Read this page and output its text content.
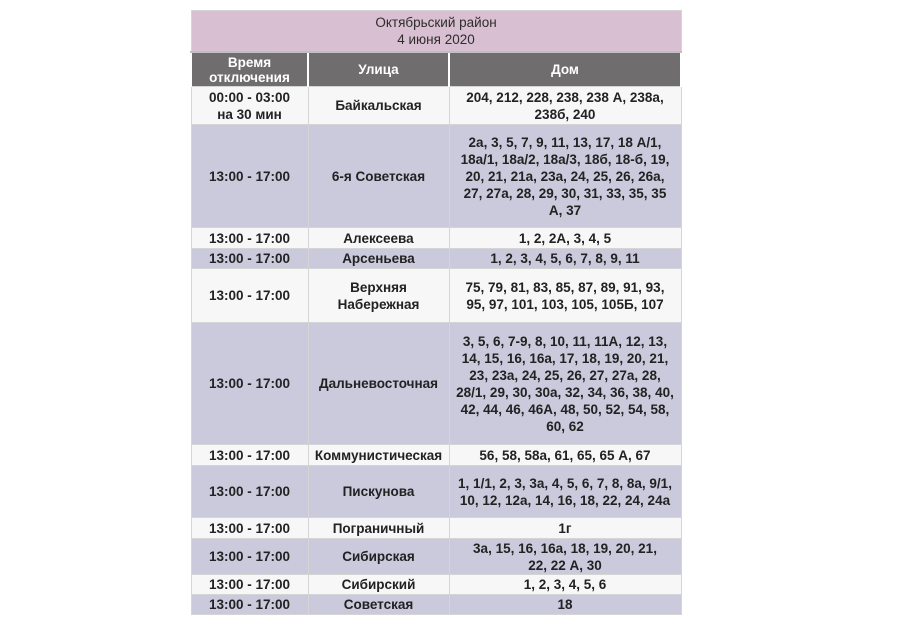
Октябрьский район
4 июня 2020		

Время отключения	Улица	Дом
00:00 - 03:00 на 30 мин	Байкальская	204, 212, 228, 238, 238 А, 238а, 238б, 240
13:00 - 17:00	6-я Советская	2а, 3, 5, 7, 9, 11, 13, 17, 18 А/1, 18а/1, 18а/2, 18а/3, 18б, 18-б, 19, 20, 21, 21а, 23а, 24, 25, 26, 26а, 27, 27а, 28, 29, 30, 31, 33, 35, 35 А, 37
13:00 - 17:00	Алексеева	1, 2, 2А, 3, 4, 5
13:00 - 17:00	Арсеньева	1, 2, 3, 4, 5, 6, 7, 8, 9, 11
13:00 - 17:00	Верхняя Набережная	75, 79, 81, 83, 85, 87, 89, 91, 93, 95, 97, 101, 103, 105, 105Б, 107
13:00 - 17:00	Дальневосточная	3, 5, 6, 7-9, 8, 10, 11, 11А, 12, 13, 14, 15, 16, 16а, 17, 18, 19, 20, 21, 23, 23а, 24, 25, 26, 27, 27а, 28, 28/1, 29, 30, 30а, 32, 34, 36, 38, 40, 42, 44, 46, 46А, 48, 50, 52, 54, 58, 60, 62
13:00 - 17:00	Коммунистическая	56, 58, 58а, 61, 65, 65 А, 67
13:00 - 17:00	Пискунова	1, 1/1, 2, 3, 3а, 4, 5, 6, 7, 8, 8а, 9/1, 10, 12, 12а, 14, 16, 18, 22, 24, 24а
13:00 - 17:00	Пограничный	1г
13:00 - 17:00	Сибирская	3а, 15, 16, 16а, 18, 19, 20, 21, 22, 22 А, 30
13:00 - 17:00	Сибирский	1, 2, 3, 4, 5, 6
13:00 - 17:00	Советская	18
